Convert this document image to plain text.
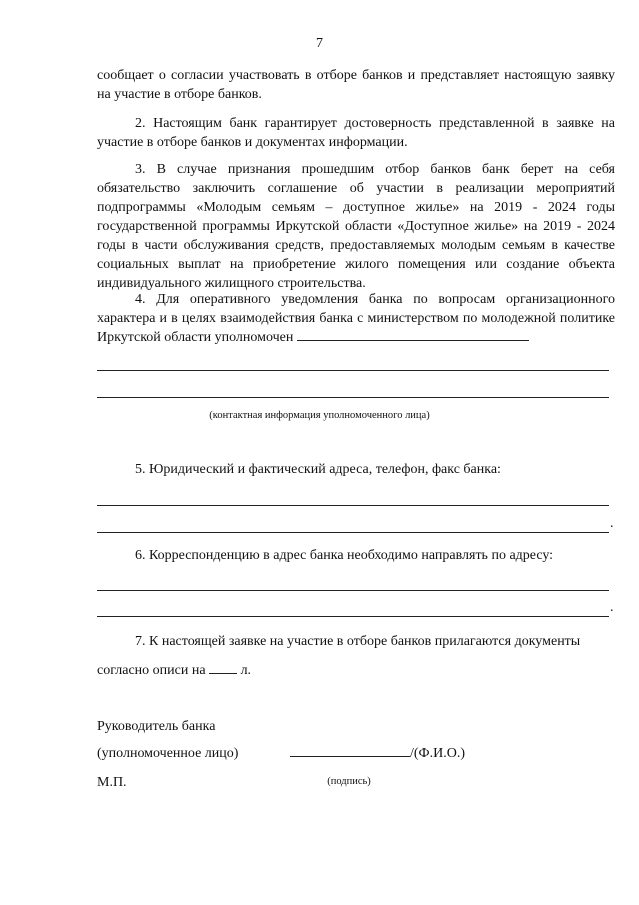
7
сообщает о согласии участвовать в отборе банков и представляет настоящую заявку на участие в отборе банков.
2. Настоящим банк гарантирует достоверность представленной в заявке на участие в отборе банков и документах информации.
3. В случае признания прошедшим отбор банков банк берет на себя обязательство заключить соглашение об участии в реализации мероприятий подпрограммы «Молодым семьям – доступное жилье» на 2019 - 2024 годы государственной программы Иркутской области «Доступное жилье» на 2019 - 2024 годы в части обслуживания средств, предоставляемых молодым семьям в качестве социальных выплат на приобретение жилого помещения или создание объекта индивидуального жилищного строительства.
4. Для оперативного уведомления банка по вопросам организационного характера и в целях взаимодействия банка с министерством по молодежной политике Иркутской области уполномочен
(контактная информация уполномоченного лица)
5. Юридический и фактический адреса, телефон, факс банка:
.
6. Корреспонденцию в адрес банка необходимо направлять по адресу:
.
7. К настоящей заявке на участие в отборе банков прилагаются документы
согласно описи на	л.
Руководитель банка
(уполномоченное лицо)	/(Ф.И.О.)
М.П.	(подпись)
